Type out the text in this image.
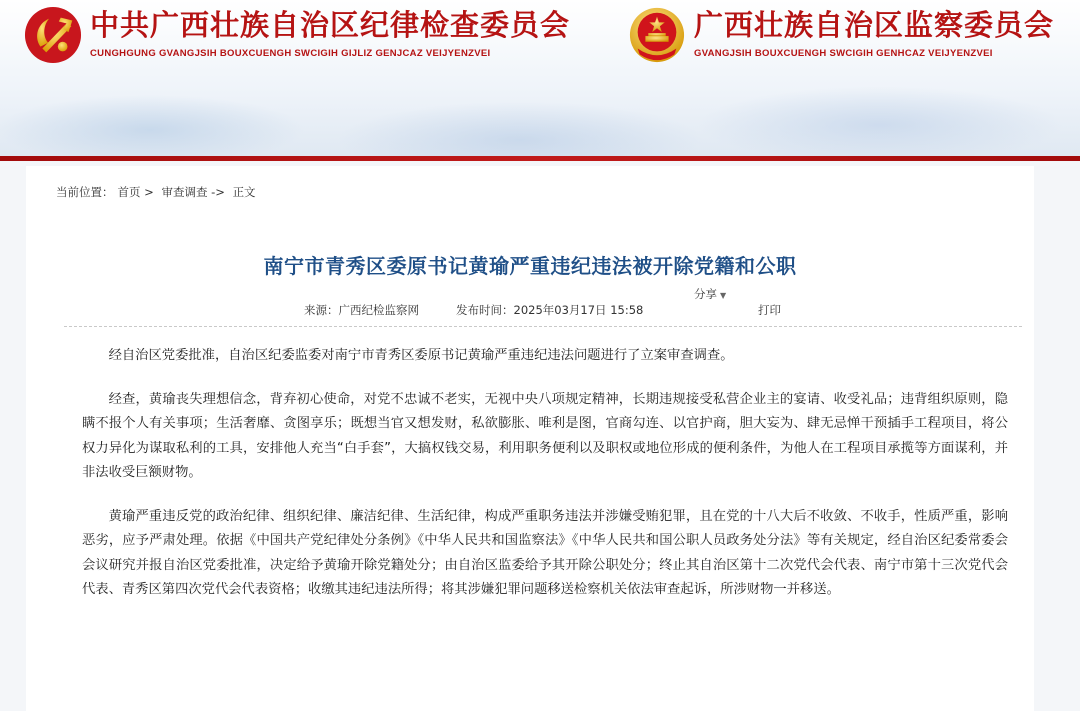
中共广西壮族自治区纪律检查委员会
CUNGHGUNG GVANGJSIH BOUXCUENGH SWCIGIH GIJLIZ GENJCAZ VEIJYENZVEI
广西壮族自治区监察委员会
GVANGJSIH BOUXCUENGH SWCIGIH GENHCAZ VEIJYENZVEI
当前位置： 首页 > 审查调查 -> 正文
南宁市青秀区委原书记黄瑜严重违纪违法被开除党籍和公职
分享 ▼
来源：广西纪检监察网	发布时间：2025年03月17日 15:58	打印

经自治区党委批准，自治区纪委监委对南宁市青秀区委原书记黄瑜严重违纪违法问题进行了立案审查调查。

经查，黄瑜丧失理想信念，背弃初心使命，对党不忠诚不老实，无视中央八项规定精神，长期违规接受私营企业主的宴请、收受礼品；违背组织原则，隐瞒不报个人有关事项；生活奢靡、贪图享乐；既想当官又想发财，私欲膨胀、唯利是图，官商勾连、以官护商，胆大妄为、肆无忌惮干预插手工程项目，将公权力异化为谋取私利的工具，安排他人充当“白手套”，大搞权钱交易，利用职务便利以及职权或地位形成的便利条件，为他人在工程项目承揽等方面谋利，并非法收受巨额财物。

黄瑜严重违反党的政治纪律、组织纪律、廉洁纪律、生活纪律，构成严重职务违法并涉嫌受贿犯罪，且在党的十八大后不收敛、不收手，性质严重，影响恶劣，应予严肃处理。依据《中国共产党纪律处分条例》《中华人民共和国监察法》《中华人民共和国公职人员政务处分法》等有关规定，经自治区纪委常委会会议研究并报自治区党委批准，决定给予黄瑜开除党籍处分；由自治区监委给予其开除公职处分；终止其自治区第十二次党代会代表、南宁市第十三次党代会代表、青秀区第四次党代会代表资格；收缴其违纪违法所得；将其涉嫌犯罪问题移送检察机关依法审查起诉，所涉财物一并移送。
